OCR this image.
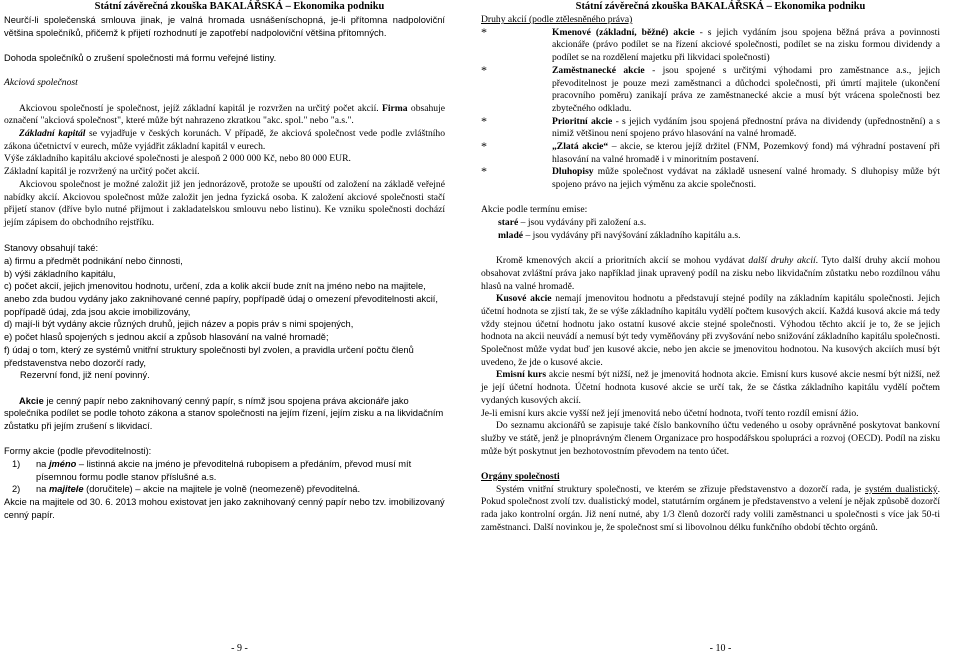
Státní závěrečná zkouška BAKALÁŘSKÁ – Ekonomika podniku

Neurčí-li společenská smlouva jinak, je valná hromada usnášeníschopná, je-li přítomna nadpoloviční většina společníků, přičemž k přijetí rozhodnutí je zapotřebí nadpoloviční většina přítomných.

Dohoda společníků o zrušení společnosti má formu veřejné listiny.

Akciová společnost

Akciovou společností je společnost, jejíž základní kapitál je rozvržen na určitý počet akcií. Firma obsahuje označení "akciová společnost", které může být nahrazeno zkratkou "akc. spol." nebo "a.s.".

Základní kapitál se vyjadřuje v českých korunách. V případě, že akciová společnost vede podle zvláštního zákona účetnictví v eurech, může vyjádřit základní kapitál v eurech.

Výše základního kapitálu akciové společnosti je alespoň 2 000 000 Kč, nebo 80 000 EUR.

Základní kapitál je rozvržený na určitý počet akcií.

Akciovou společnost je možné založit již jen jednorázově, protože se upouští od založení na základě veřejné nabídky akcií. Akciovou společnost může založit jen jedna fyzická osoba. K založení akciové společnosti stačí přijetí stanov (dříve bylo nutné přijmout i zakladatelskou smlouvu nebo listinu). Ke vzniku společnosti dochází jejím zápisem do obchodního rejstříku.

Stanovy obsahují také:

a) firmu a předmět podnikání nebo činnosti,

b) výši základního kapitálu,

c) počet akcií, jejich jmenovitou hodnotu, určení, zda a kolik akcií bude znít na jméno nebo na majitele, anebo zda budou vydány jako zaknihované cenné papíry, popřípadě údaj o omezení převoditelnosti akcií, popřípadě údaj, zda jsou akcie imobilizovány,

d) mají-li být vydány akcie různých druhů, jejich název a popis práv s nimi spojených,

e) počet hlasů spojených s jednou akcií a způsob hlasování na valné hromadě;

f) údaj o tom, který ze systémů vnitřní struktury společnosti byl zvolen, a pravidla určení počtu členů představenstva nebo dozorčí rady,

Rezervní fond, již není povinný.

Akcie je cenný papír nebo zaknihovaný cenný papír, s nímž jsou spojena práva akcionáře jako společníka podílet se podle tohoto zákona a stanov společnosti na jejím řízení, jejím zisku a na likvidačním zůstatku při jejím zrušení s likvidací.

Formy akcie (podle převoditelnosti):

1)	na jméno – listinná akcie na jméno je převoditelná rubopisem a předáním, převod musí mít písemnou formu podle stanov příslušné a.s.
2)	na majitele (doručitele) – akcie na majitele je volně (neomezeně) převoditelná.

Akcie na majitele od 30. 6. 2013 mohou existovat jen jako zaknihovaný cenný papír nebo tzv. imobilizovaný cenný papír.

- 9 -
Státní závěrečná zkouška BAKALÁŘSKÁ – Ekonomika podniku

Druhy akcií (podle ztělesněného práva)

*	Kmenové (základní, běžné) akcie - s jejich vydáním jsou spojena běžná práva a povinnosti akcionáře (právo podílet se na řízení akciové společnosti, podílet se na zisku formou dividendy a podílet se na rozdělení majetku při likvidaci společnosti)
*	Zaměstnanecké akcie - jsou spojené s určitými výhodami pro zaměstnance a.s., jejich převoditelnost je pouze mezi zaměstnanci a důchodci společnosti, při úmrtí majitele (ukončení pracovního poměru) zanikají práva ze zaměstnanecké akcie a musí být vrácena společnosti bez zbytečného odkladu.
*	Prioritní akcie - s jejich vydáním jsou spojená přednostní práva na dividendy (upřednostnění) a s nimiž většinou není spojeno právo hlasování na valné hromadě.
*	„Zlatá akcie“ – akcie, se kterou jejíž držitel (FNM, Pozemkový fond) má výhradní postavení při hlasování na valné hromadě i v minoritním postavení.
*	Dluhopisy může společnost vydávat na základě usnesení valné hromady. S dluhopisy může být spojeno právo na jejich výměnu za akcie společnosti.

Akcie podle termínu emise:

staré – jsou vydávány při založení a.s.

mladé – jsou vydávány při navýšování základního kapitálu a.s.

Kromě kmenových akcií a prioritních akcií se mohou vydávat další druhy akcií. Tyto další druhy akcií mohou obsahovat zvláštní práva jako například jinak upravený podíl na zisku nebo likvidačním zůstatku nebo rozdílnou váhu hlasů na valné hromadě.

Kusové akcie nemají jmenovitou hodnotu a představují stejné podíly na základním kapitálu společnosti. Jejich účetní hodnota se zjistí tak, že se výše základního kapitálu vydělí počtem kusových akcií. Každá kusová akcie má tedy vždy stejnou účetní hodnotu jako ostatní kusové akcie stejné společnosti. Výhodou těchto akcií je to, že se jejich hodnota na akcii neuvádí a nemusí být tedy vyměňovány při zvyšování nebo snižování základního kapitálu společnosti. Společnost může vydat buď jen kusové akcie, nebo jen akcie se jmenovitou hodnotou. Na kusových akciích musí být uvedeno, že jde o kusové akcie.

Emisní kurs akcie nesmí být nižší, než je jmenovitá hodnota akcie. Emisní kurs kusové akcie nesmí být nižší, než je její účetní hodnota. Účetní hodnota kusové akcie se určí tak, že se částka základního kapitálu vydělí počtem vydaných kusových akcií.

Je-li emisní kurs akcie vyšší než její jmenovitá nebo účetní hodnota, tvoří tento rozdíl emisní ážio.

Do seznamu akcionářů se zapisuje také číslo bankovního účtu vedeného u osoby oprávněné poskytovat bankovní služby ve státě, jenž je plnoprávným členem Organizace pro hospodářskou spolupráci a rozvoj (OECD). Podíl na zisku může být poskytnut jen bezhotovostním převodem na tento účet.

Orgány společnosti

Systém vnitřní struktury společnosti, ve kterém se zřizuje představenstvo a dozorčí rada, je systém dualistický. Pokud společnost zvolí tzv. dualistický model, statutárním orgánem je představenstvo a velení je nějak způsobě dozorčí rada jako kontrolní orgán. Již není nutné, aby 1/3 členů dozorčí rady volili zaměstnanci u společnosti s více jak 50-ti zaměstnanci. Další novinkou je, že společnost smí si libovolnou délku funkčního období těchto orgánů.

- 10 -
